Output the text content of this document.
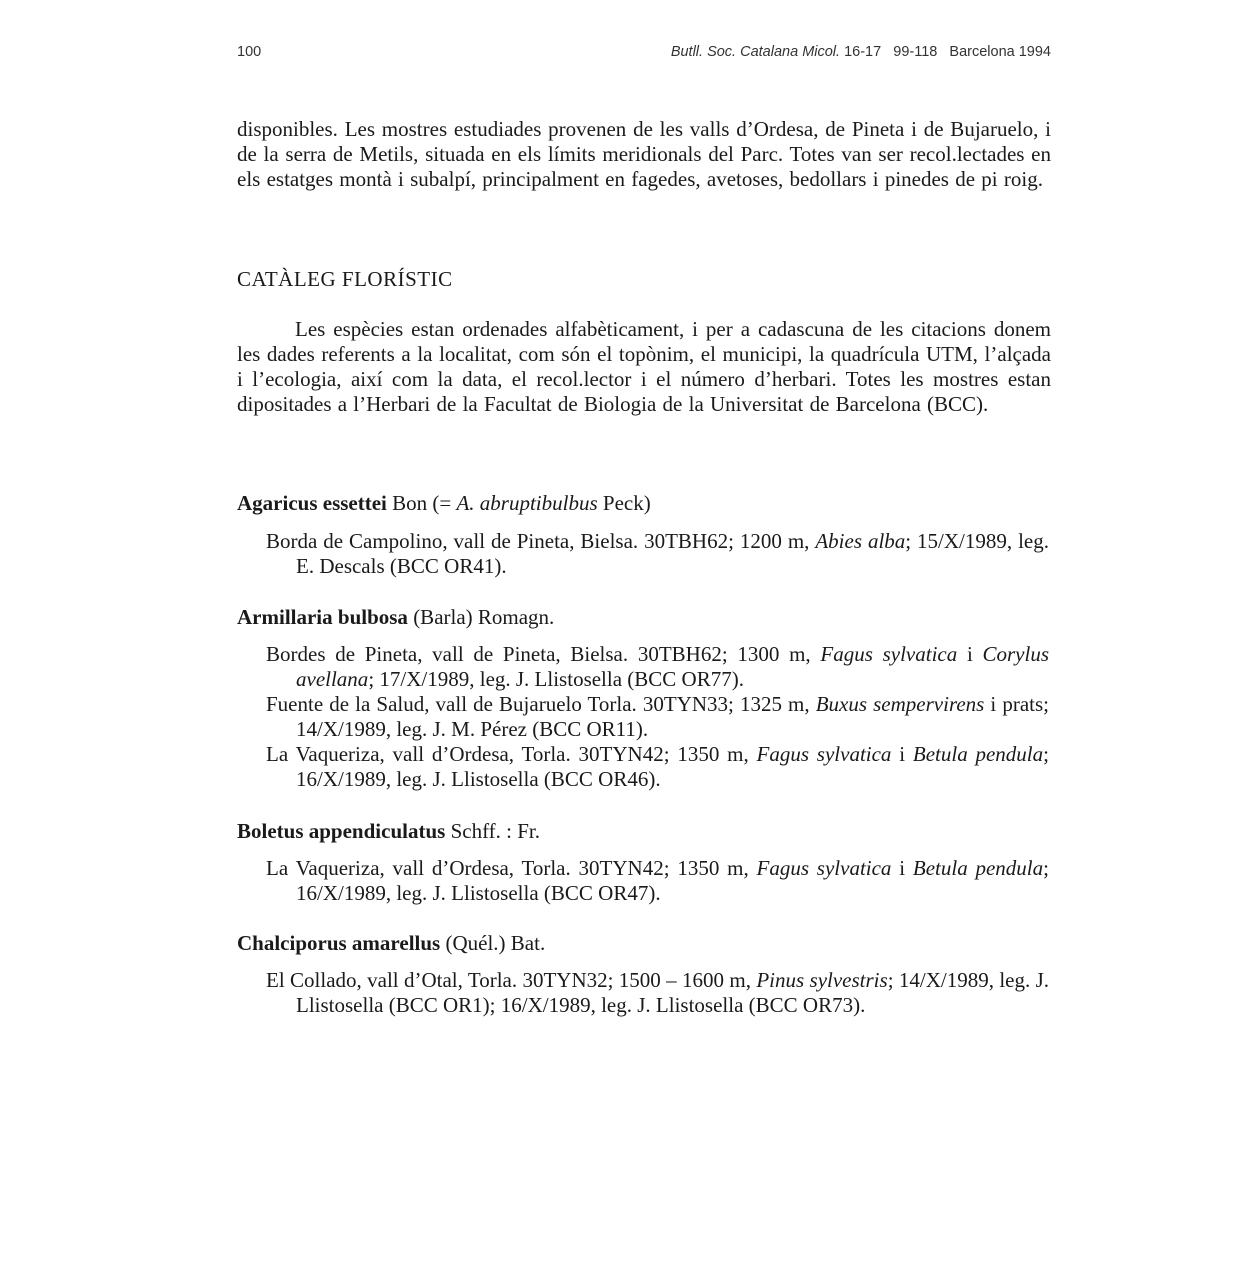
100	Butll. Soc. Catalana Micol. 16-17   99-118   Barcelona 1994

disponibles. Les mostres estudiades provenen de les valls d’Ordesa, de Pineta i de Bujaruelo, i de la serra de Metils, situada en els límits meridionals del Parc. Totes van ser recol.lectades en els estatges montà i subalpí, principalment en fagedes, avetoses, bedollars i pinedes de pi roig.

CATÀLEG FLORÍSTIC

Les espècies estan ordenades alfabèticament, i per a cadascuna de les citacions donem les dades referents a la localitat, com són el topònim, el municipi, la quadrícula UTM, l’alçada i l’ecologia, així com la data, el recol.lector i el número d’herbari. Totes les mostres estan dipositades a l’Herbari de la Facultat de Biologia de la Universitat de Barcelona (BCC).

Agaricus essettei Bon (= A. abruptibulbus Peck)
Borda de Campolino, vall de Pineta, Bielsa. 30TBH62; 1200 m, Abies alba; 15/X/1989, leg. E. Descals (BCC OR41).
Armillaria bulbosa (Barla) Romagn.
Bordes de Pineta, vall de Pineta, Bielsa. 30TBH62; 1300 m, Fagus sylvatica i Corylus avellana; 17/X/1989, leg. J. Llistosella (BCC OR77).
Fuente de la Salud, vall de Bujaruelo Torla. 30TYN33; 1325 m, Buxus sempervirens i prats; 14/X/1989, leg. J. M. Pérez (BCC OR11).
La Vaqueriza, vall d’Ordesa, Torla. 30TYN42; 1350 m, Fagus sylvatica i Betula pendula; 16/X/1989, leg. J. Llistosella (BCC OR46).
Boletus appendiculatus Schff. : Fr.
La Vaqueriza, vall d’Ordesa, Torla. 30TYN42; 1350 m, Fagus sylvatica i Betula pendula; 16/X/1989, leg. J. Llistosella (BCC OR47).
Chalciporus amarellus (Quél.) Bat.
El Collado, vall d’Otal, Torla. 30TYN32; 1500 – 1600 m, Pinus sylvestris; 14/X/1989, leg. J. Llistosella (BCC OR1); 16/X/1989, leg. J. Llistosella (BCC OR73).
